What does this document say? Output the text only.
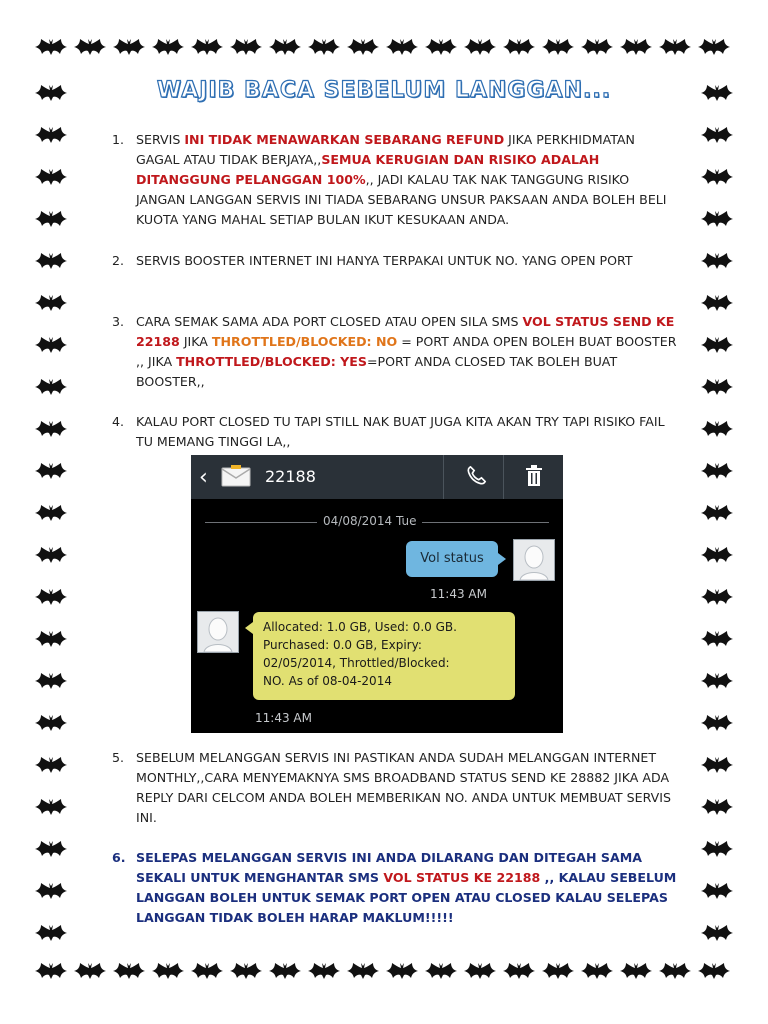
WAJIB BACA SEBELUM LANGGAN...
1. SERVIS INI TIDAK MENAWARKAN SEBARANG REFUND JIKA PERKHIDMATAN GAGAL ATAU TIDAK BERJAYA,,SEMUA KERUGIAN DAN RISIKO ADALAH DITANGGUNG PELANGGAN 100%,, JADI KALAU TAK NAK TANGGUNG RISIKO JANGAN LANGGAN SERVIS INI TIADA SEBARANG UNSUR PAKSAAN ANDA BOLEH BELI KUOTA YANG MAHAL SETIAP BULAN IKUT KESUKAAN ANDA.
2. SERVIS BOOSTER INTERNET INI HANYA TERPAKAI UNTUK NO. YANG OPEN PORT
3. CARA SEMAK SAMA ADA PORT CLOSED ATAU OPEN SILA SMS VOL STATUS SEND KE 22188 JIKA THROTTLED/BLOCKED: NO = PORT ANDA OPEN BOLEH BUAT BOOSTER ,, JIKA THROTTLED/BLOCKED: YES=PORT ANDA CLOSED TAK BOLEH BUAT BOOSTER,,
4. KALAU PORT CLOSED TU TAPI STILL NAK BUAT JUGA KITA AKAN TRY TAPI RISIKO FAIL TU MEMANG TINGGI LA,,
‹	22188
04/08/2014 Tue
Vol status
11:43 AM
Allocated: 1.0 GB, Used: 0.0 GB.
Purchased: 0.0 GB, Expiry:
02/05/2014, Throttled/Blocked:
NO. As of 08-04-2014
11:43 AM
5. SEBELUM MELANGGAN SERVIS INI PASTIKAN ANDA SUDAH MELANGGAN INTERNET MONTHLY,,CARA MENYEMAKNYA SMS BROADBAND STATUS SEND KE 28882 JIKA ADA REPLY DARI CELCOM ANDA BOLEH MEMBERIKAN NO. ANDA UNTUK MEMBUAT SERVIS INI.
6. SELEPAS MELANGGAN SERVIS INI ANDA DILARANG DAN DITEGAH SAMA SEKALI UNTUK MENGHANTAR SMS VOL STATUS KE 22188 ,, KALAU SEBELUM LANGGAN BOLEH UNTUK SEMAK PORT OPEN ATAU CLOSED KALAU SELEPAS LANGGAN TIDAK BOLEH HARAP MAKLUM!!!!!
